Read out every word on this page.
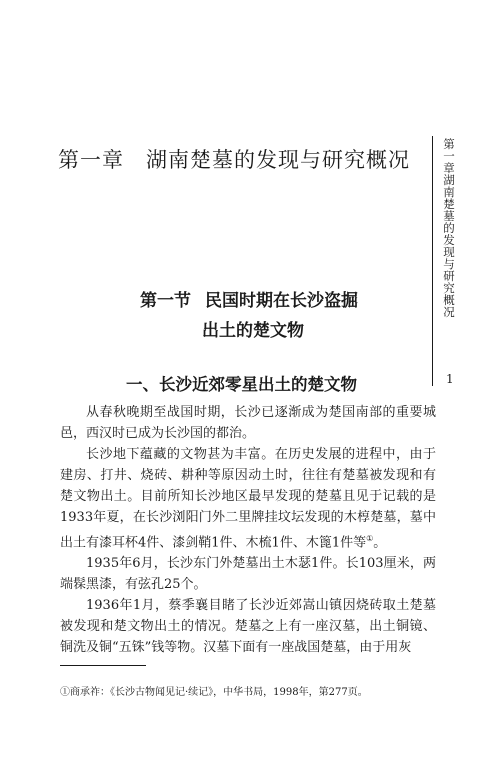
第一章 湖南楚墓的发现与研究概况	第一章湖南楚墓的发现与研究概况
1
第一节 民国时期在长沙盗掘
出土的楚文物
一、长沙近郊零星出土的楚文物

从春秋晚期至战国时期，长沙已逐渐成为楚国南部的重要城邑，西汉时已成为长沙国的都治。

长沙地下蕴藏的文物甚为丰富。在历史发展的进程中，由于建房、打井、烧砖、耕种等原因动土时，往往有楚墓被发现和有楚文物出土。目前所知长沙地区最早发现的楚墓且见于记载的是1933年夏，在长沙浏阳门外二里牌挂坟坛发现的木椁楚墓，墓中出土有漆耳杯4件、漆剑鞘1件、木梳1件、木篦1件等①。

1935年6月，长沙东门外楚墓出土木瑟1件。长103厘米，两端髹黑漆，有弦孔25个。

1936年1月，蔡季襄目睹了长沙近郊嵩山镇因烧砖取土楚墓被发现和楚文物出土的情况。楚墓之上有一座汉墓，出土铜镜、铜洗及铜“五铢”钱等物。汉墓下面有一座战国楚墓，由于用灰

①商承祚：《长沙古物闻见记·续记》，中华书局，1998年，第277页。
